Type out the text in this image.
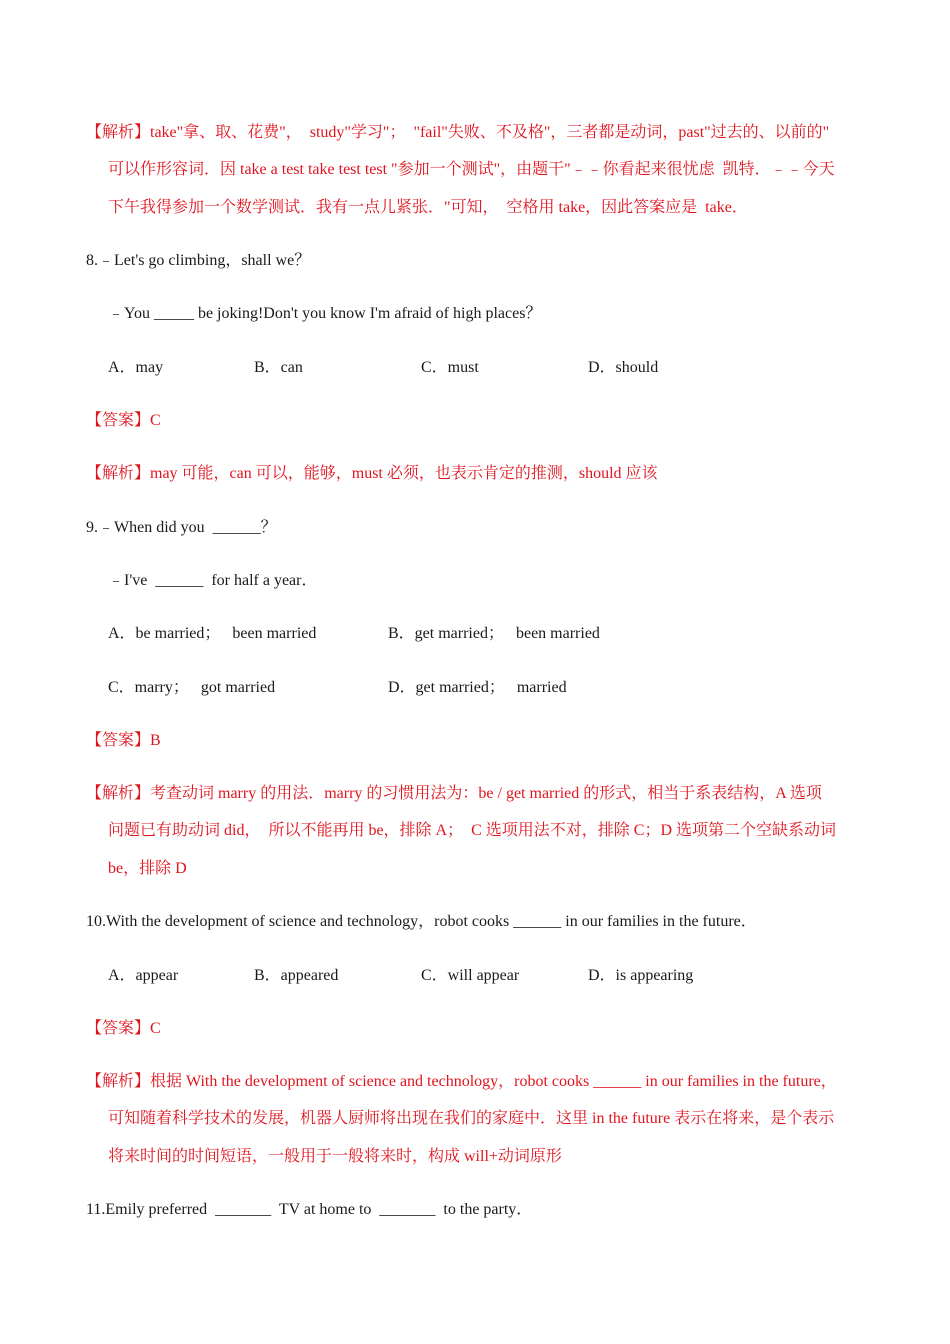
【解析】take"拿、取、花费"，  study"学习"；  "fail"失败、不及格"，三者都是动词，past"过去的、以前的"
可以作形容词．因 take a test take test test "参加一个测试"，由题干"﹣﹣你看起来很忧虑  凯特．﹣﹣今天
下午我得参加一个数学测试．我有一点儿紧张．"可知，  空格用 take，因此答案应是  take．
8.﹣Let's go climbing，shall we？
﹣You _____ be joking!Don't you know I'm afraid of high places？
A．may	B．can	C．must	D．should
【答案】C
【解析】may 可能，can 可以，能够，must 必须，也表示肯定的推测，should 应该
9.﹣When did you  ______？
﹣I've  ______  for half a year．
A．be married；   been married	B．get married；   been married
C．marry；   got married	D．get married；   married
【答案】B
【解析】考查动词 marry 的用法．marry 的习惯用法为：be / get married 的形式，相当于系表结构，A 选项
问题已有助动词 did，  所以不能再用 be，排除 A；  C 选项用法不对，排除 C；D 选项第二个空缺系动词
be，排除 D
10.With the development of science and technology，robot cooks ______ in our families in the future．
A．appear	B．appeared	C．will appear	D．is appearing
【答案】C
【解析】根据 With the development of science and technology，robot cooks ______ in our families in the future，
可知随着科学技术的发展，机器人厨师将出现在我们的家庭中．这里 in the future 表示在将来，是个表示
将来时间的时间短语，一般用于一般将来时，构成 will+动词原形
11.Emily preferred  _______  TV at home to  _______  to the party．
